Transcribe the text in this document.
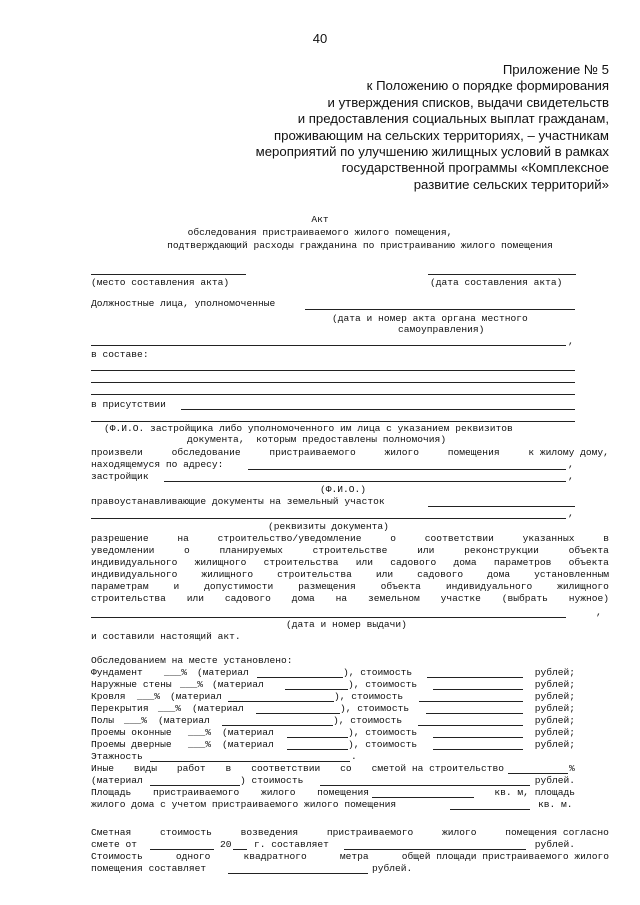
40
Приложение № 5
к Положению о порядке формирования
и утверждения списков, выдачи свидетельств
и предоставления социальных выплат гражданам,
проживающим на сельских территориях, – участникам
мероприятий по улучшению жилищных условий в рамках
государственной программы «Комплексное
развитие сельских территорий»
Акт
обследования пристраиваемого жилого помещения,
подтверждающий расходы гражданина по пристраиванию жилого помещения
(место составления акта)	(дата составления акта)
Должностные лица, уполномоченные
(дата и номер акта органа местного
самоуправления)
,
в составе:
в присутствии
(Ф.И.О. застройщика либо уполномоченного им лица с указанием реквизитов
документа,  которым предоставлены полномочия)
произвели	обследование	пристраиваемого	жилого	помещения	к жилому дому,
находящемуся по адресу:	,
застройщик	,
(Ф.И.О.)
правоустанавливающие документы на земельный участок
,
(реквизиты документа)
разрешение	на	строительство/уведомление	о	соответствии	указанных	в
уведомлении	о	планируемых	строительстве	или	реконструкции	объекта
индивидуального жилищного строительства или садового дома параметров объекта
индивидуального жилищного строительства или садового дома установленным
параметрам	и	допустимости	размещения	объекта	индивидуального	жилищного
строительства или садового дома на земельном участке (выбрать нужное)
,
(дата и номер выдачи)
и составили настоящий акт.
Обследованием на месте установлено:
Фундамент ___% (материал	), стоимость	рублей;
Наружные стены ___% (материал	), стоимость	рублей;
Кровля ___% (материал	), стоимость	рублей;
Перекрытия ___% (материал	), стоимость	рублей;
Полы ___% (материал	), стоимость	рублей;
Проемы оконные ___% (материал	), стоимость	рублей;
Проемы дверные ___% (материал	), стоимость	рублей;
Этажность	.
Иные виды работ в соответствии со сметой на строительство	%
(материал	) стоимость	рублей.
Площадь пристраиваемого жилого помещения	кв. м, площадь
жилого дома с учетом пристраиваемого жилого помещения	кв. м.
Сметная	стоимость	возведения	пристраиваемого	жилого	помещения согласно
смете от	20 г. составляет	рублей.
Стоимость	одного	квадратного	метра	общей площади пристраиваемого жилого
помещения составляет	рублей.
